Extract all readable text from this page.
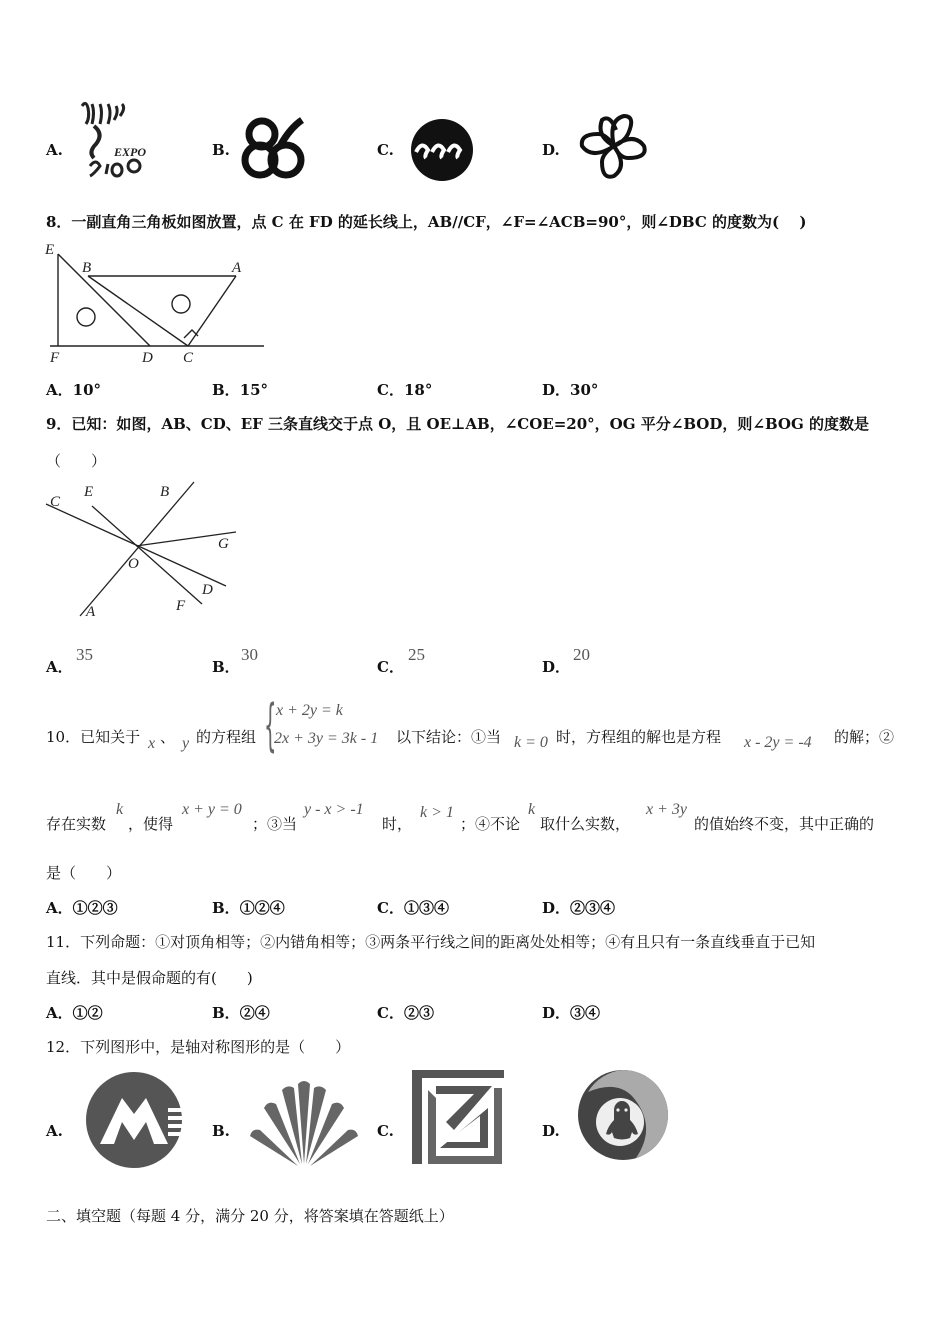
A.	EXPO	B.	C.	D.
8．一副直角三角板如图放置，点 C 在 FD 的延长线上，AB//CF，∠F=∠ACB=90°，则∠DBC 的度数为(　 )
E
B	A
F	D C
A．10°	B．15°	C．18°	D．30°
9．已知：如图，AB、CD、EF 三条直线交于点 O，且 OE⊥AB，∠COE=20°，OG 平分∠BOD，则∠BOG 的度数是
（　　）
C
E	B
G
O
D
F
A
A．
35
B．
30
C．
25
D．
20
10．已知关于 x 、 y 的方程组 { x + 2y = k
2x + 3y = 3k - 1 以下结论：①当 k = 0 时，方程组的解也是方程 x - 2y = -4 的解；②
存在实数
k
，使得
x + y = 0
；③当
y - x > -1
时，
k > 1
；④不论
k
取什么实数，
x + 3y
的值始终不变，其中正确的
是（　　）
A．①②③	B．①②④	C．①③④	D．②③④
11．下列命题：①对顶角相等；②内错角相等；③两条平行线之间的距离处处相等；④有且只有一条直线垂直于已知
直线．其中是假命题的有(　　)
A．①②	B．②④	C．②③	D．③④
12．下列图形中，是轴对称图形的是（　　）
A.	B.	C.	D.
二、填空题（每题 4 分，满分 20 分，将答案填在答题纸上）
